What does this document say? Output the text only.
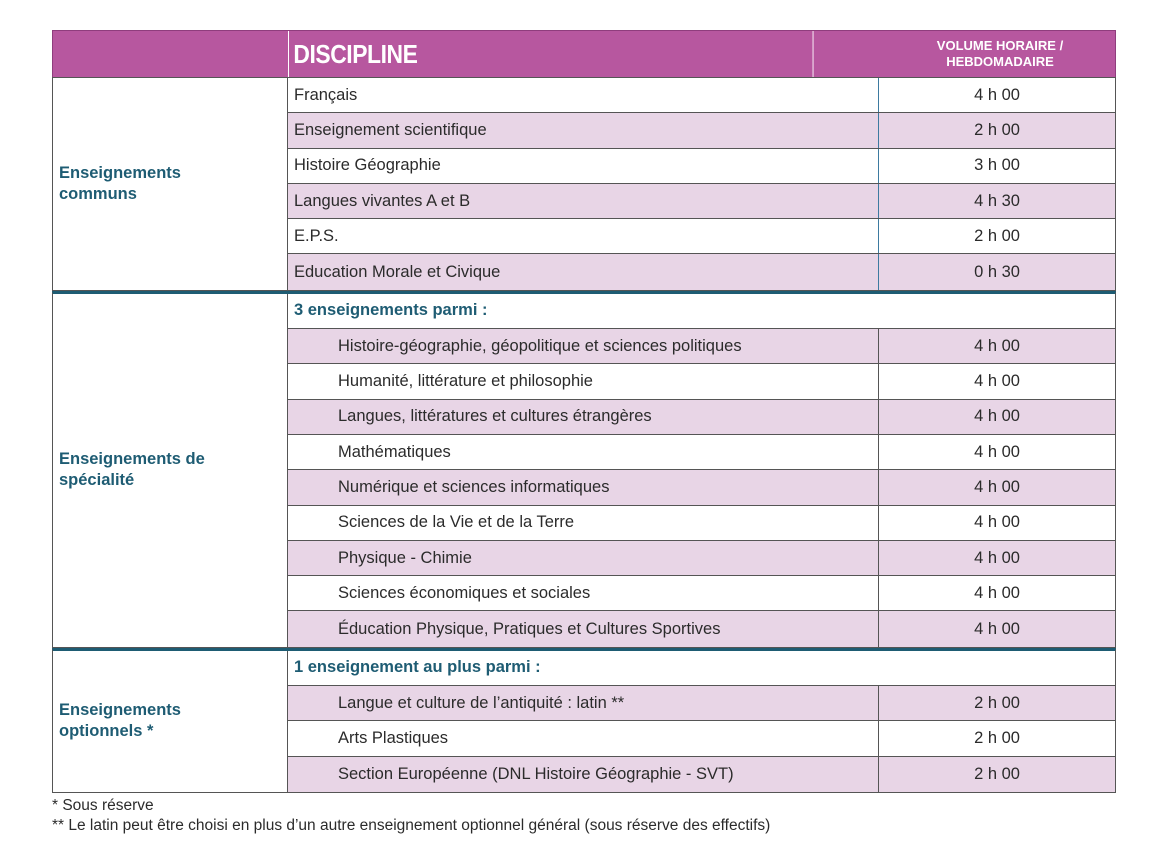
DISCIPLINE	VOLUME HORAIRE /
HEBDOMADAIRE
Enseignements
communs
Français	4 h 00
Enseignement scientifique	2 h 00
Histoire Géographie	3 h 00
Langues vivantes A et B	4 h 30
E.P.S.	2 h 00
Education Morale et Civique	0 h 30
Enseignements de
spécialité
3 enseignements parmi :
Histoire-géographie, géopolitique et sciences politiques	4 h 00
Humanité, littérature et philosophie	4 h 00
Langues, littératures et cultures étrangères	4 h 00
Mathématiques	4 h 00
Numérique et sciences informatiques	4 h 00
Sciences de la Vie et de la Terre	4 h 00
Physique - Chimie	4 h 00
Sciences économiques et sociales	4 h 00
Éducation Physique, Pratiques et Cultures Sportives	4 h 00
Enseignements
optionnels *
1 enseignement au plus parmi :
Langue et culture de l’antiquité : latin **	2 h 00
Arts Plastiques	2 h 00
Section Européenne (DNL Histoire Géographie - SVT)	2 h 00
* Sous réserve
** Le latin peut être choisi en plus d’un autre enseignement optionnel général (sous réserve des effectifs)
